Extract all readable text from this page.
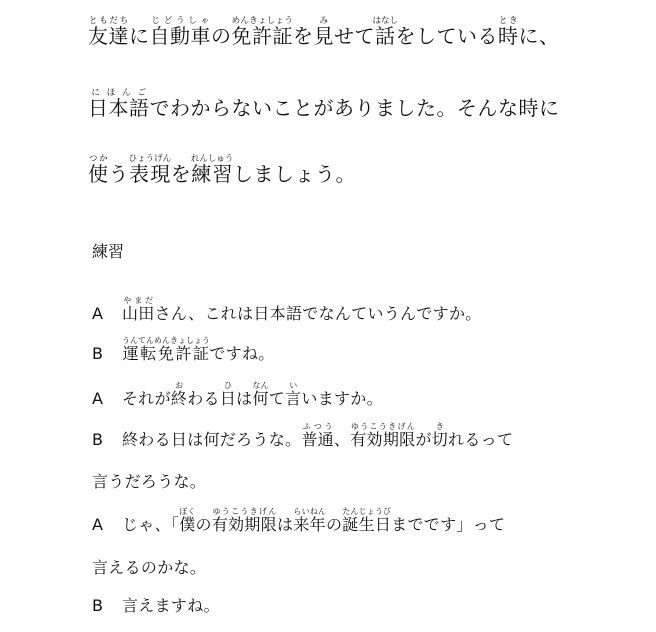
友達ともだちに自動車じどうしゃの免許証めんきょしょうを見みせて話はなしをしている時ときに、
日本語にほんごでわからないことがありました。そんな時に
使つかう表現ひょうげんを練習れんしゅうしましょう。
練習
A 山田やまださん、これは日本語でなんていうんですか。
B 運転免許証うんてんめんきょしょうですね。
A それが終おわる日ひは何なんて言いいますか。
B 終わる日は何だろうな。普通ふつう、有効期限ゆうこうきげんが切きれるって
言うだろうな。
A じゃ、「僕ぼくの有効期限ゆうこうきげんは来年らいねんの誕生日たんじょうびまでです」って
言えるのかな。
B 言えますね。
